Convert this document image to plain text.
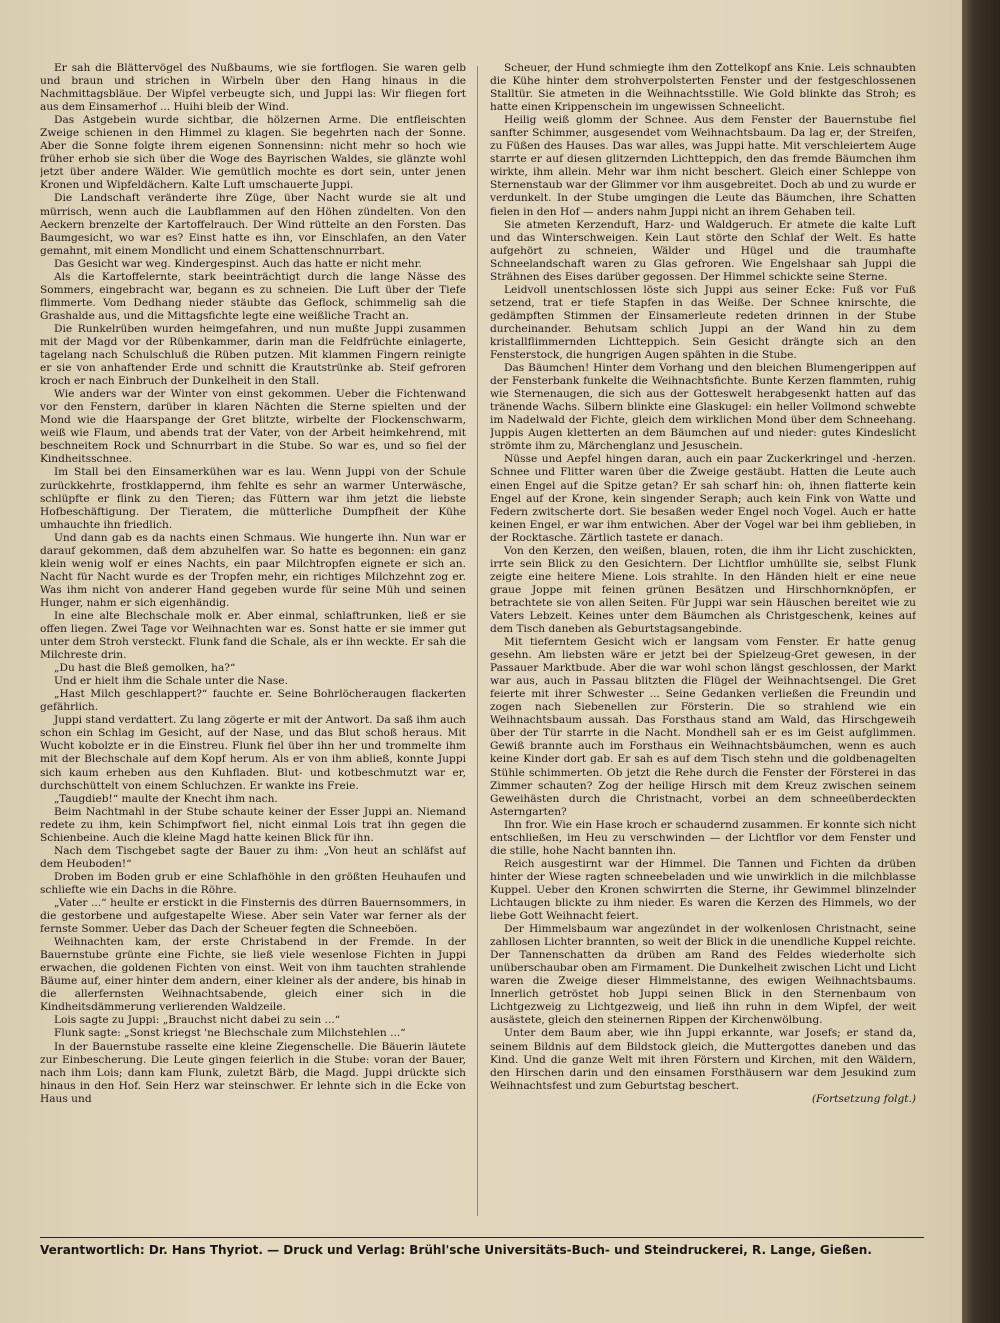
Er sah die Blättervögel des Nußbaums, wie sie fortflogen. Sie waren gelb und braun und strichen in Wirbeln über den Hang hinaus in die Nachmittagsbläue. Der Wipfel verbeugte sich, und Juppi las: Wir fliegen fort aus dem Einsamerhof ... Huihi bleib der Wind.

Das Astgebein wurde sichtbar, die hölzernen Arme. Die entfleischten Zweige schienen in den Himmel zu klagen. Sie begehrten nach der Sonne. Aber die Sonne folgte ihrem eigenen Sonnensinn: nicht mehr so hoch wie früher erhob sie sich über die Woge des Bayrischen Waldes, sie glänzte wohl jetzt über andere Wälder. Wie gemütlich mochte es dort sein, unter jenen Kronen und Wipfeldächern. Kalte Luft umschauerte Juppi.

Die Landschaft veränderte ihre Züge, über Nacht wurde sie alt und mürrisch, wenn auch die Laubflammen auf den Höhen zündelten. Von den Aeckern brenzelte der Kartoffelrauch. Der Wind rüttelte an den Forsten. Das Baumgesicht, wo war es? Einst hatte es ihn, vor Einschlafen, an den Vater gemahnt, mit einem Mondlicht und einem Schattenschnurrbart.

Das Gesicht war weg. Kindergespinst. Auch das hatte er nicht mehr.

Als die Kartoffelernte, stark beeinträchtigt durch die lange Nässe des Sommers, eingebracht war, begann es zu schneien. Die Luft über der Tiefe flimmerte. Vom Dedhang nieder stäubte das Geflock, schimmelig sah die Grashalde aus, und die Mittagsfichte legte eine weißliche Tracht an.

Die Runkelrüben wurden heimgefahren, und nun mußte Juppi zusammen mit der Magd vor der Rübenkammer, darin man die Feldfrüchte einlagerte, tagelang nach Schulschluß die Rüben putzen. Mit klammen Fingern reinigte er sie von anhaftender Erde und schnitt die Krautstrünke ab. Steif gefroren kroch er nach Einbruch der Dunkelheit in den Stall.

Wie anders war der Winter von einst gekommen. Ueber die Fichtenwand vor den Fenstern, darüber in klaren Nächten die Sterne spielten und der Mond wie die Haarspange der Gret blitzte, wirbelte der Flockenschwarm, weiß wie Flaum, und abends trat der Vater, von der Arbeit heimkehrend, mit beschneitem Rock und Schnurrbart in die Stube. So war es, und so fiel der Kindheitsschnee.

Im Stall bei den Einsamerkühen war es lau. Wenn Juppi von der Schule zurückkehrte, frostklappernd, ihm fehlte es sehr an warmer Unterwäsche, schlüpfte er flink zu den Tieren; das Füttern war ihm jetzt die liebste Hofbeschäftigung. Der Tieratem, die mütterliche Dumpfheit der Kühe umhauchte ihn friedlich.

Und dann gab es da nachts einen Schmaus. Wie hungerte ihn. Nun war er darauf gekommen, daß dem abzuhelfen war. So hatte es begonnen: ein ganz klein wenig wolf er eines Nachts, ein paar Milchtropfen eignete er sich an. Nacht für Nacht wurde es der Tropfen mehr, ein richtiges Milchzehnt zog er. Was ihm nicht von anderer Hand gegeben wurde für seine Müh und seinen Hunger, nahm er sich eigenhändig.

In eine alte Blechschale molk er. Aber einmal, schlaftrunken, ließ er sie offen liegen. Zwei Tage vor Weihnachten war es. Sonst hatte er sie immer gut unter dem Stroh versteckt. Flunk fand die Schale, als er ihn weckte. Er sah die Milchreste drin.

„Du hast die Bleß gemolken, ha?“

Und er hielt ihm die Schale unter die Nase.

„Hast Milch geschlappert?“ fauchte er. Seine Bohrlöcheraugen flackerten gefährlich.

Juppi stand verdattert. Zu lang zögerte er mit der Antwort. Da saß ihm auch schon ein Schlag im Gesicht, auf der Nase, und das Blut schoß heraus. Mit Wucht kobolzte er in die Einstreu. Flunk fiel über ihn her und trommelte ihm mit der Blechschale auf dem Kopf herum. Als er von ihm abließ, konnte Juppi sich kaum erheben aus den Kuhfladen. Blut- und kotbeschmutzt war er, durchschüttelt von einem Schluchzen. Er wankte ins Freie.

„Taugdieb!“ maulte der Knecht ihm nach.

Beim Nachtmahl in der Stube schaute keiner der Esser Juppi an. Niemand redete zu ihm, kein Schimpfwort fiel, nicht einmal Lois trat ihn gegen die Schienbeine. Auch die kleine Magd hatte keinen Blick für ihn.

Nach dem Tischgebet sagte der Bauer zu ihm: „Von heut an schläfst auf dem Heuboden!“

Droben im Boden grub er eine Schlafhöhle in den größten Heuhaufen und schliefte wie ein Dachs in die Röhre.

„Vater ...“ heulte er erstickt in die Finsternis des dürren Bauernsommers, in die gestorbene und aufgestapelte Wiese. Aber sein Vater war ferner als der fernste Sommer. Ueber das Dach der Scheuer fegten die Schneeböen.

Weihnachten kam, der erste Christabend in der Fremde. In der Bauernstube grünte eine Fichte, sie ließ viele wesenlose Fichten in Juppi erwachen, die goldenen Fichten von einst. Weit von ihm tauchten strahlende Bäume auf, einer hinter dem andern, einer kleiner als der andere, bis hinab in die allerfernsten Weihnachtsabende, gleich einer sich in die Kindheitsdämmerung verlierenden Waldzeile.

Lois sagte zu Juppi: „Brauchst nicht dabei zu sein ...“

Flunk sagte: „Sonst kriegst 'ne Blechschale zum Milchstehlen ...“

In der Bauernstube rasselte eine kleine Ziegenschelle. Die Bäuerin läutete zur Einbescherung. Die Leute gingen feierlich in die Stube: voran der Bauer, nach ihm Lois; dann kam Flunk, zuletzt Bärb, die Magd. Juppi drückte sich hinaus in den Hof. Sein Herz war steinschwer. Er lehnte sich in die Ecke von Haus und

Scheuer, der Hund schmiegte ihm den Zottelkopf ans Knie. Leis schnaubten die Kühe hinter dem strohverpolsterten Fenster und der festgeschlossenen Stalltür. Sie atmeten in die Weihnachtsstille. Wie Gold blinkte das Stroh; es hatte einen Krippenschein im ungewissen Schneelicht.

Heilig weiß glomm der Schnee. Aus dem Fenster der Bauernstube fiel sanfter Schimmer, ausgesendet vom Weihnachtsbaum. Da lag er, der Streifen, zu Füßen des Hauses. Das war alles, was Juppi hatte. Mit verschleiertem Auge starrte er auf diesen glitzernden Lichtteppich, den das fremde Bäumchen ihm wirkte, ihm allein. Mehr war ihm nicht beschert. Gleich einer Schleppe von Sternenstaub war der Glimmer vor ihm ausgebreitet. Doch ab und zu wurde er verdunkelt. In der Stube umgingen die Leute das Bäumchen, ihre Schatten fielen in den Hof — anders nahm Juppi nicht an ihrem Gehaben teil.

Sie atmeten Kerzenduft, Harz- und Waldgeruch. Er atmete die kalte Luft und das Winterschweigen. Kein Laut störte den Schlaf der Welt. Es hatte aufgehört zu schneien, Wälder und Hügel und die traumhafte Schneelandschaft waren zu Glas gefroren. Wie Engelshaar sah Juppi die Strähnen des Eises darüber gegossen. Der Himmel schickte seine Sterne.

Leidvoll unentschlossen löste sich Juppi aus seiner Ecke: Fuß vor Fuß setzend, trat er tiefe Stapfen in das Weiße. Der Schnee knirschte, die gedämpften Stimmen der Einsamerleute redeten drinnen in der Stube durcheinander. Behutsam schlich Juppi an der Wand hin zu dem kristallflimmernden Lichtteppich. Sein Gesicht drängte sich an den Fensterstock, die hungrigen Augen spähten in die Stube.

Das Bäumchen! Hinter dem Vorhang und den bleichen Blumengerippen auf der Fensterbank funkelte die Weihnachtsfichte. Bunte Kerzen flammten, ruhig wie Sternenaugen, die sich aus der Gotteswelt herabgesenkt hatten auf das tränende Wachs. Silbern blinkte eine Glaskugel: ein heller Vollmond schwebte im Nadelwald der Fichte, gleich dem wirklichen Mond über dem Schneehang. Juppis Augen kletterten an dem Bäumchen auf und nieder: gutes Kindeslicht strömte ihm zu, Märchenglanz und Jesuschein.

Nüsse und Aepfel hingen daran, auch ein paar Zuckerkringel und -herzen. Schnee und Flitter waren über die Zweige gestäubt. Hatten die Leute auch einen Engel auf die Spitze getan? Er sah scharf hin: oh, ihnen flatterte kein Engel auf der Krone, kein singender Seraph; auch kein Fink von Watte und Federn zwitscherte dort. Sie besaßen weder Engel noch Vogel. Auch er hatte keinen Engel, er war ihm entwichen. Aber der Vogel war bei ihm geblieben, in der Rocktasche. Zärtlich tastete er danach.

Von den Kerzen, den weißen, blauen, roten, die ihm ihr Licht zuschickten, irrte sein Blick zu den Gesichtern. Der Lichtflor umhüllte sie, selbst Flunk zeigte eine heitere Miene. Lois strahlte. In den Händen hielt er eine neue graue Joppe mit feinen grünen Besätzen und Hirschhornknöpfen, er betrachtete sie von allen Seiten. Für Juppi war sein Häuschen bereitet wie zu Vaters Lebzeit. Keines unter dem Bäumchen als Christgeschenk, keines auf dem Tisch daneben als Geburtstagsangebinde.

Mit tieferntem Gesicht wich er langsam vom Fenster. Er hatte genug gesehn. Am liebsten wäre er jetzt bei der Spielzeug-Gret gewesen, in der Passauer Marktbude. Aber die war wohl schon längst geschlossen, der Markt war aus, auch in Passau blitzten die Flügel der Weihnachtsengel. Die Gret feierte mit ihrer Schwester ... Seine Gedanken verließen die Freundin und zogen nach Siebenellen zur Försterin. Die so strahlend wie ein Weihnachtsbaum aussah. Das Forsthaus stand am Wald, das Hirschgeweih über der Tür starrte in die Nacht. Mondhell sah er es im Geist aufglimmen. Gewiß brannte auch im Forsthaus ein Weihnachtsbäumchen, wenn es auch keine Kinder dort gab. Er sah es auf dem Tisch stehn und die goldbenagelten Stühle schimmerten. Ob jetzt die Rehe durch die Fenster der Försterei in das Zimmer schauten? Zog der heilige Hirsch mit dem Kreuz zwischen seinem Geweihästen durch die Christnacht, vorbei an dem schneeüberdeckten Asterngarten?

Ihn fror. Wie ein Hase kroch er schaudernd zusammen. Er konnte sich nicht entschließen, im Heu zu verschwinden — der Lichtflor vor dem Fenster und die stille, hohe Nacht bannten ihn.

Reich ausgestirnt war der Himmel. Die Tannen und Fichten da drüben hinter der Wiese ragten schneebeladen und wie unwirklich in die milchblasse Kuppel. Ueber den Kronen schwirrten die Sterne, ihr Gewimmel blinzelnder Lichtaugen blickte zu ihm nieder. Es waren die Kerzen des Himmels, wo der liebe Gott Weihnacht feiert.

Der Himmelsbaum war angezündet in der wolkenlosen Christnacht, seine zahllosen Lichter brannten, so weit der Blick in die unendliche Kuppel reichte. Der Tannenschatten da drüben am Rand des Feldes wiederholte sich unüberschaubar oben am Firmament. Die Dunkelheit zwischen Licht und Licht waren die Zweige dieser Himmelstanne, des ewigen Weihnachtsbaums. Innerlich getröstet hob Juppi seinen Blick in den Sternenbaum von Lichtgezweig zu Lichtgezweig, und ließ ihn ruhn in dem Wipfel, der weit ausästete, gleich den steinernen Rippen der Kirchenwölbung.

Unter dem Baum aber, wie ihn Juppi erkannte, war Josefs; er stand da, seinem Bildnis auf dem Bildstock gleich, die Muttergottes daneben und das Kind. Und die ganze Welt mit ihren Förstern und Kirchen, mit den Wäldern, den Hirschen darin und den einsamen Forsthäusern war dem Jesukind zum Weihnachtsfest und zum Geburtstag beschert.

(Fortsetzung folgt.)

Verantwortlich: Dr. Hans Thyriot. — Druck und Verlag: Brühl'sche Universitäts-Buch- und Steindruckerei, R. Lange, Gießen.
